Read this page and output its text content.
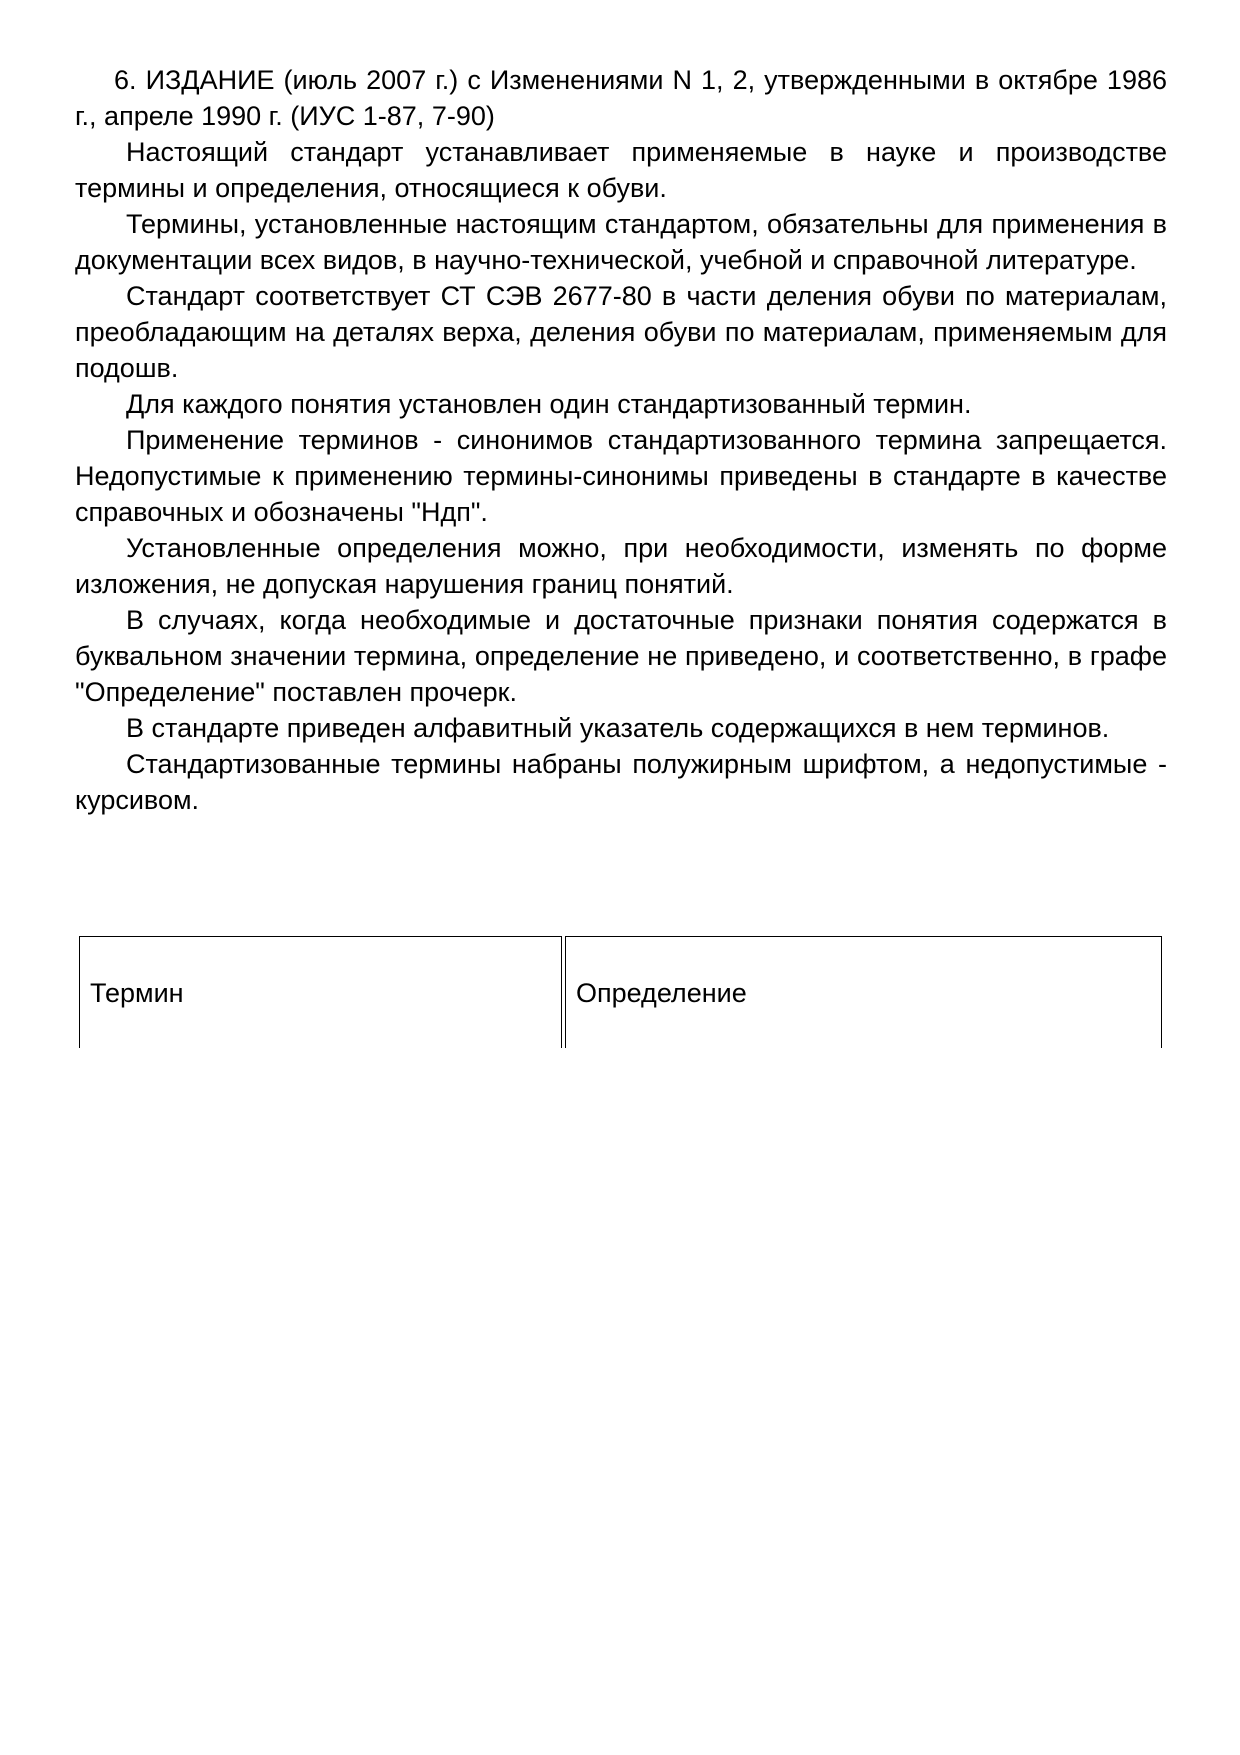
6. ИЗДАНИЕ (июль 2007 г.) с Изменениями N 1, 2, утвержденными в октябре 1986 г., апреле 1990 г. (ИУС 1-87, 7-90)

Настоящий стандарт устанавливает применяемые в науке и производстве термины и определения, относящиеся к обуви.

Термины, установленные настоящим стандартом, обязательны для применения в документации всех видов, в научно-технической, учебной и справочной литературе.

Стандарт соответствует СТ СЭВ 2677-80 в части деления обуви по материалам, преобладающим на деталях верха, деления обуви по материалам, применяемым для подошв.

Для каждого понятия установлен один стандартизованный термин.

Применение терминов - синонимов стандартизованного термина запрещается. Недопустимые к применению термины-синонимы приведены в стандарте в качестве справочных и обозначены "Ндп".

Установленные определения можно, при необходимости, изменять по форме изложения, не допуская нарушения границ понятий.

В случаях, когда необходимые и достаточные признаки понятия содержатся в буквальном значении термина, определение не приведено, и соответственно, в графе "Определение" поставлен прочерк.

В стандарте приведен алфавитный указатель содержащихся в нем терминов.

Стандартизованные термины набраны полужирным шрифтом, а недопустимые - курсивом.

Термин	Определение
